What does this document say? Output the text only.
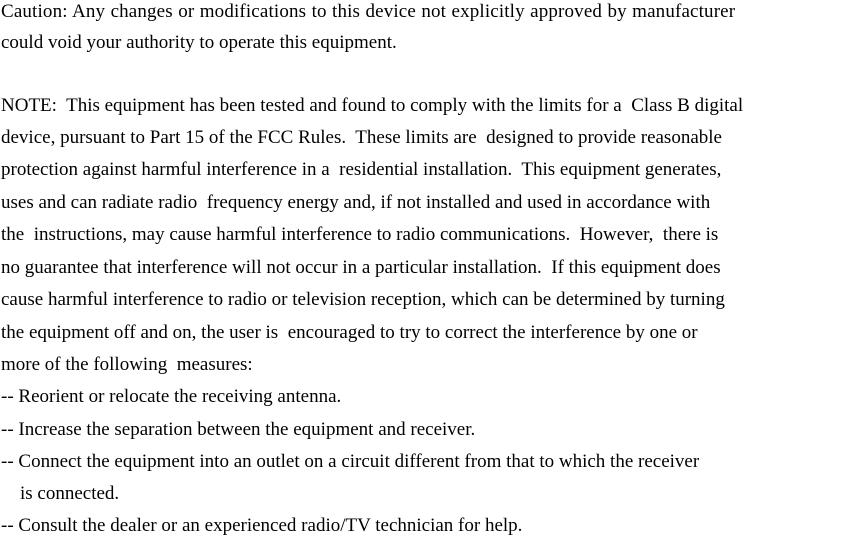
Caution: Any changes or modifications to this device not explicitly approved by manufacturer
could void your authority to operate this equipment.
NOTE:  This equipment has been tested and found to comply with the limits for a  Class B digital
device, pursuant to Part 15 of the FCC Rules.  These limits are  designed to provide reasonable
protection against harmful interference in a  residential installation.  This equipment generates,
uses and can radiate radio  frequency energy and, if not installed and used in accordance with
the  instructions, may cause harmful interference to radio communications.  However,  there is
no guarantee that interference will not occur in a particular installation.  If this equipment does
cause harmful interference to radio or television reception, which can be determined by turning
the equipment off and on, the user is  encouraged to try to correct the interference by one or
more of the following  measures:
-- Reorient or relocate the receiving antenna.
-- Increase the separation between the equipment and receiver.
-- Connect the equipment into an outlet on a circuit different from that to which the receiver
is connected.
-- Consult the dealer or an experienced radio/TV technician for help.
